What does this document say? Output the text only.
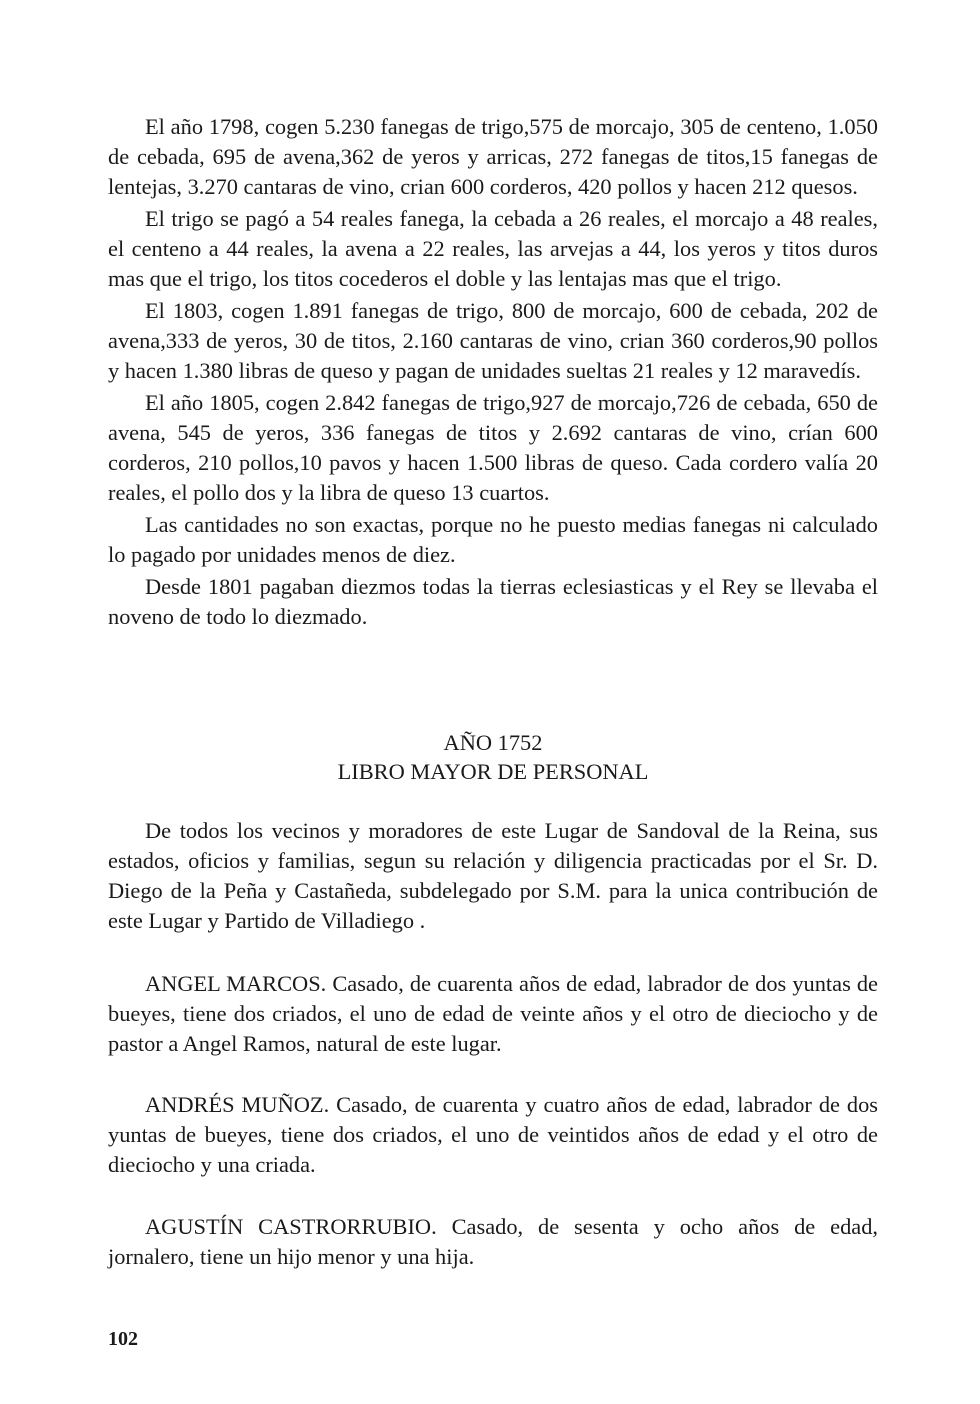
El año 1798, cogen 5.230 fanegas de trigo,575 de morcajo, 305 de centeno, 1.050 de cebada, 695 de avena,362 de yeros y arricas, 272 fanegas de titos,15 fanegas de lentejas, 3.270 cantaras de vino, crian 600 corderos, 420 pollos y hacen 212 quesos.

El trigo se pagó a 54 reales fanega, la cebada a 26 reales, el morcajo a 48 reales, el centeno a 44 reales, la avena a 22 reales, las arvejas a 44, los yeros y titos duros mas que el trigo, los titos cocederos el doble y las lentajas mas que el trigo.

El 1803, cogen 1.891 fanegas de trigo, 800 de morcajo, 600 de cebada, 202 de avena,333 de yeros, 30 de titos, 2.160 cantaras de vino, crian 360 corderos,90 pollos y hacen 1.380 libras de queso y pagan de unidades sueltas 21 reales y 12 maravedís.

El año 1805, cogen 2.842 fanegas de trigo,927 de morcajo,726 de cebada, 650 de avena, 545 de yeros, 336 fanegas de titos y 2.692 cantaras de vino, crían 600 corderos, 210 pollos,10 pavos y hacen 1.500 libras de queso. Cada cordero valía 20 reales, el pollo dos y la libra de queso 13 cuartos.

Las cantidades no son exactas, porque no he puesto medias fanegas ni calculado lo pagado por unidades menos de diez.

Desde 1801 pagaban diezmos todas la tierras eclesiasticas y el Rey se llevaba el noveno de todo lo diezmado.

AÑO 1752

LIBRO MAYOR DE PERSONAL

De todos los vecinos y moradores de este Lugar de Sandoval de la Reina, sus estados, oficios y familias, segun su relación y diligencia practicadas por el Sr. D. Diego de la Peña y Castañeda, subdelegado por S.M. para la unica contribución de este Lugar y Partido de Villadiego .

ANGEL MARCOS. Casado, de cuarenta años de edad, labrador de dos yuntas de bueyes, tiene dos criados, el uno de edad de veinte años y el otro de dieciocho y de pastor a Angel Ramos, natural de este lugar.

ANDRÉS MUÑOZ. Casado, de cuarenta y cuatro años de edad, labrador de dos yuntas de bueyes, tiene dos criados, el uno de veintidos años de edad y el otro de dieciocho y una criada.

AGUSTÍN CASTRORRUBIO. Casado, de sesenta y ocho años de edad, jornalero, tiene un hijo menor y una hija.

102
